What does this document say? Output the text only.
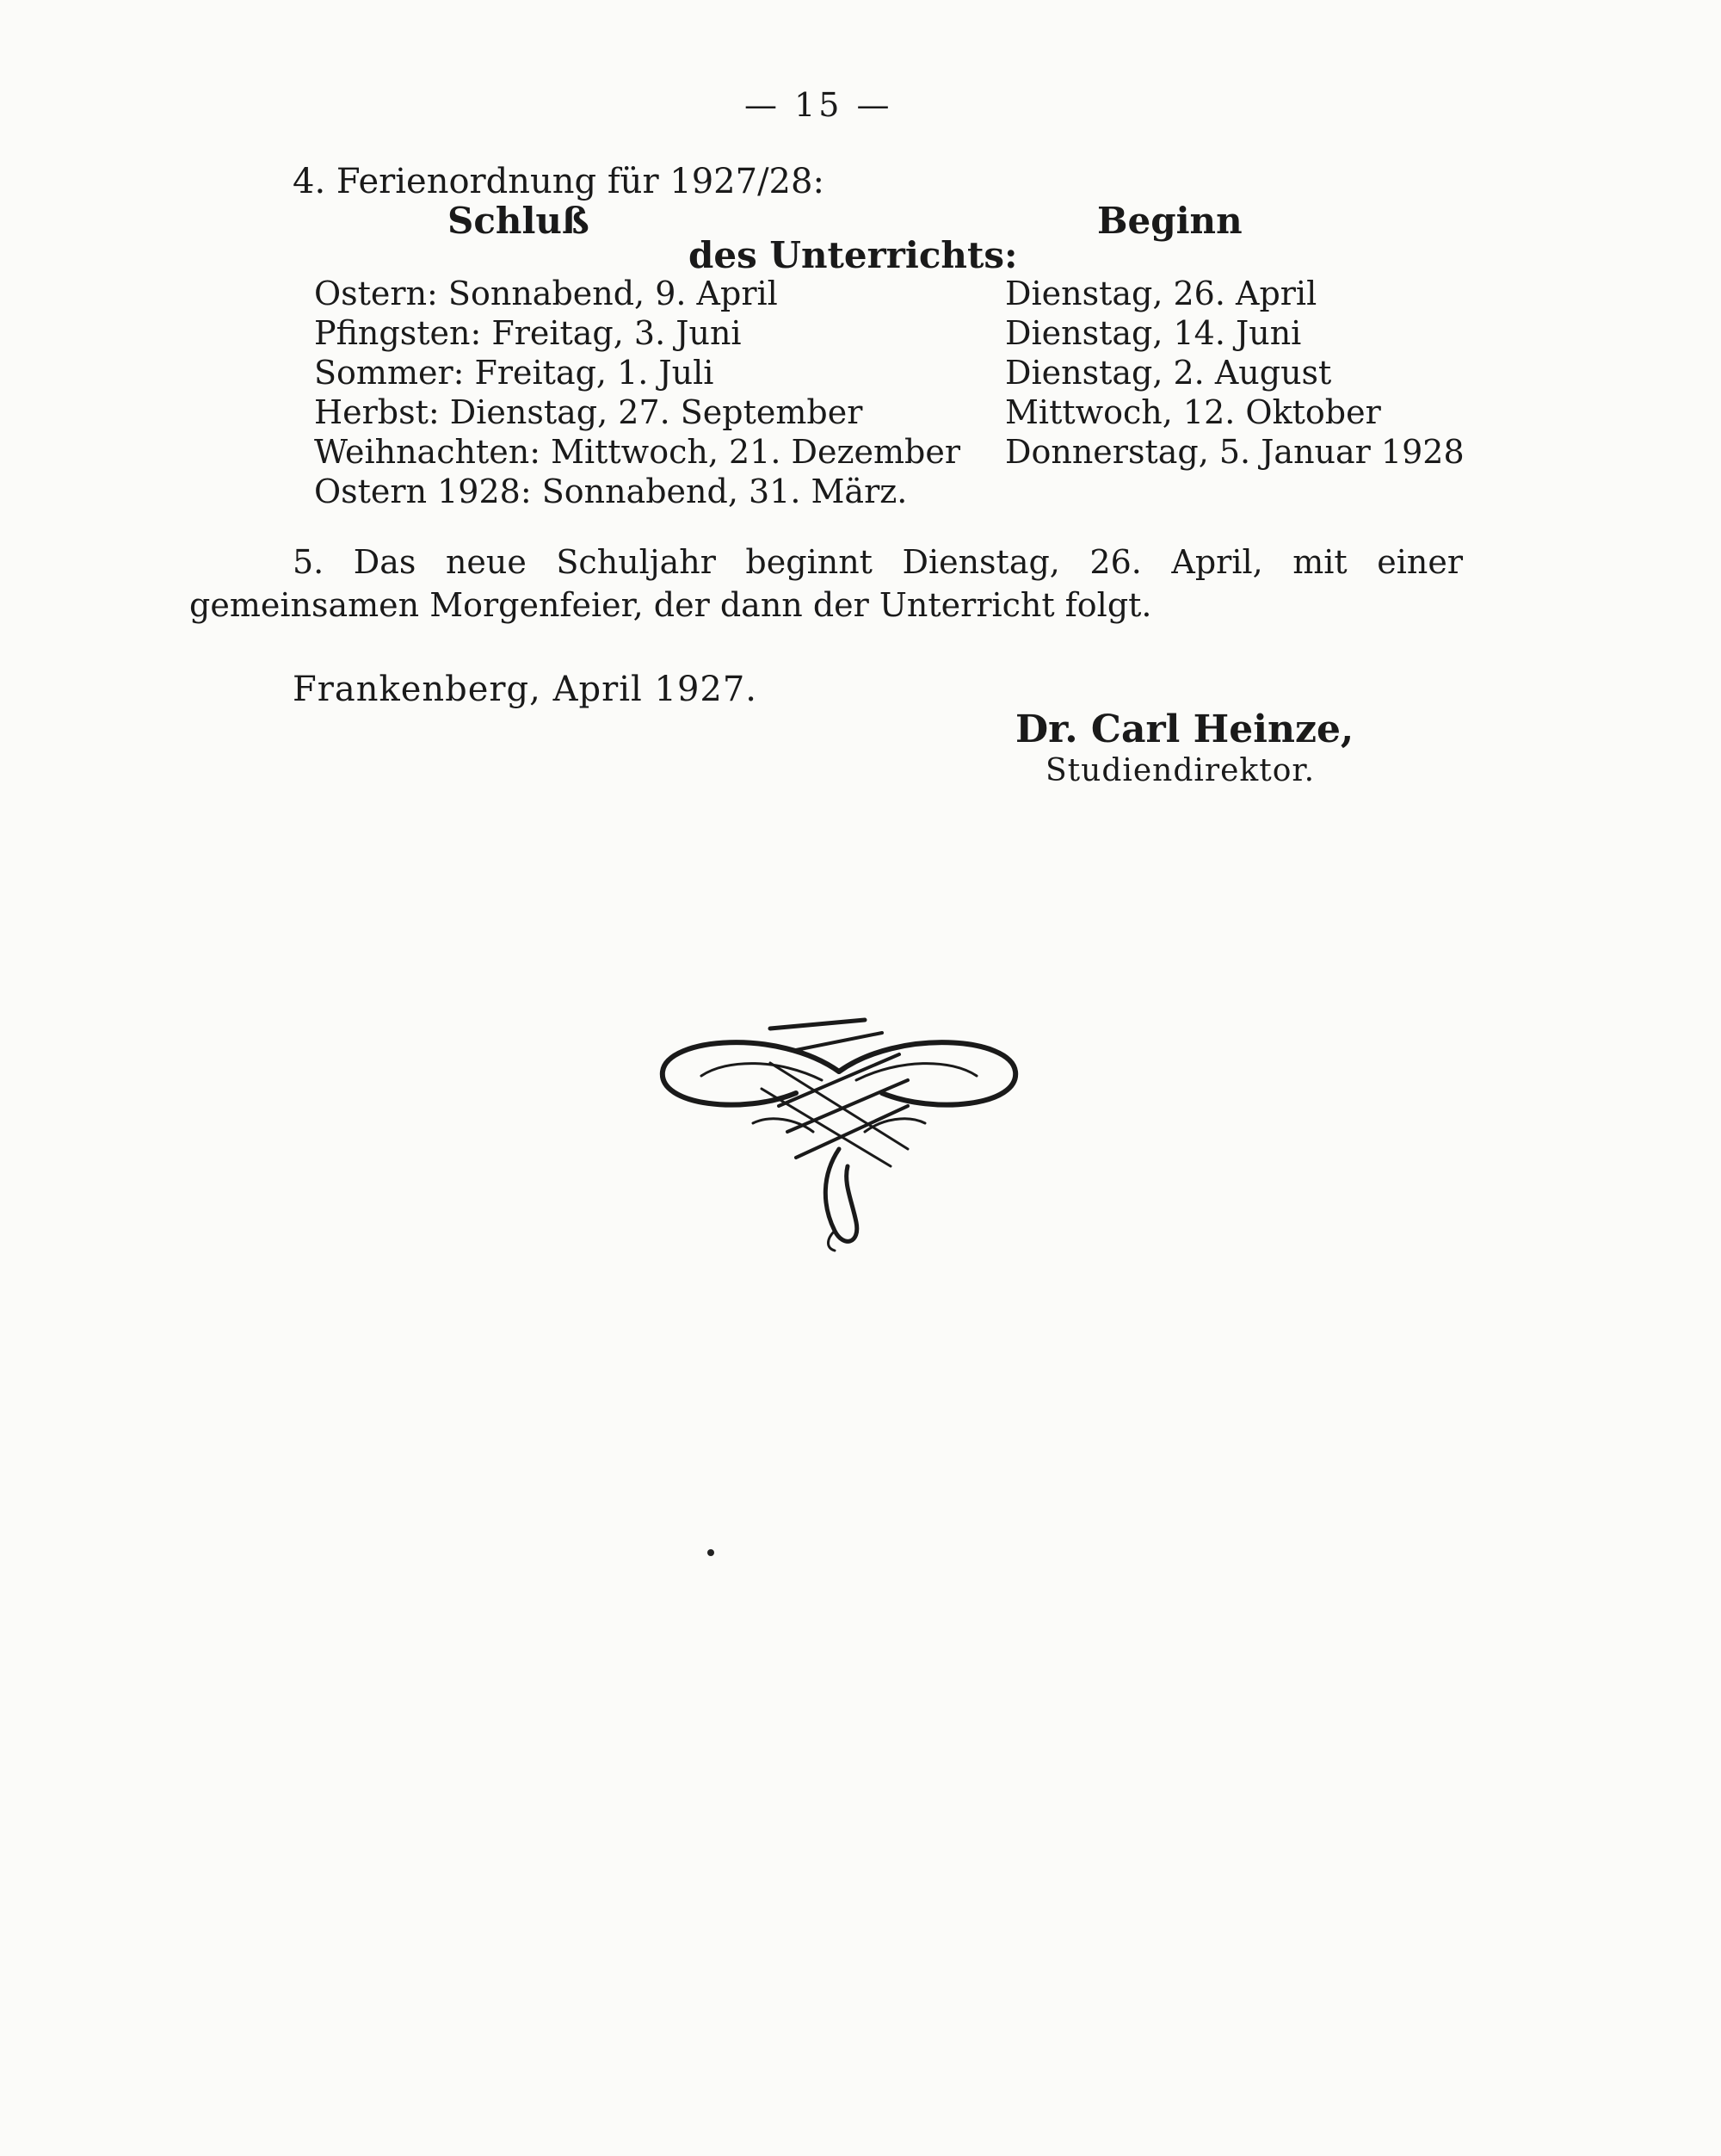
— 15 —
4. Ferienordnung für 1927/28:
Schluß
des Unterrichts:
Beginn
Ostern: Sonnabend, 9. April
Pfingsten: Freitag, 3. Juni
Sommer: Freitag, 1. Juli
Herbst: Dienstag, 27. September
Weihnachten: Mittwoch, 21. Dezember
Ostern 1928: Sonnabend, 31. März.
Dienstag, 26. April
Dienstag, 14. Juni
Dienstag, 2. August
Mittwoch, 12. Oktober
Donnerstag, 5. Januar 1928
5. Das neue Schuljahr beginnt Dienstag, 26. April, mit einer gemeinsamen Morgenfeier, der dann der Unterricht folgt.
Frankenberg, April 1927.
Dr. Carl Heinze,
Studiendirektor.
